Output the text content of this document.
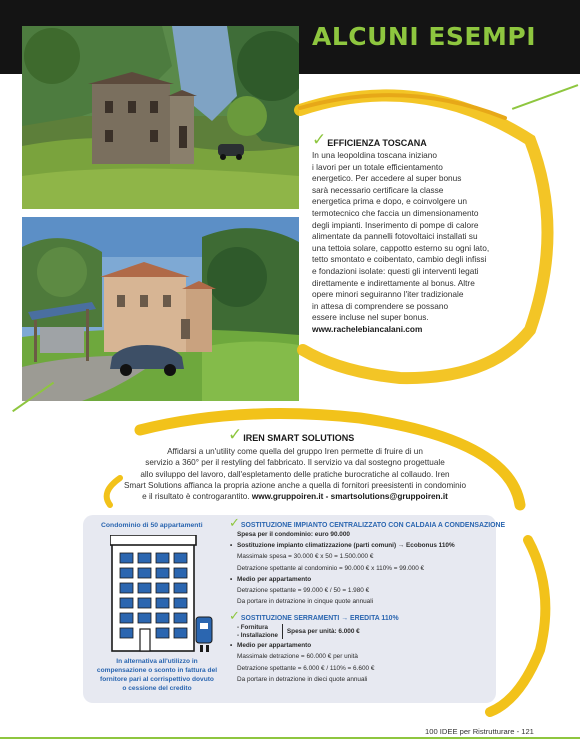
ALCUNI ESEMPI
✓ EFFICIENZA TOSCANA
In una leopoldina toscana iniziano
i lavori per un totale efficientamento
energetico. Per accedere al super bonus
sarà necessario certificare la classe
energetica prima e dopo, e coinvolgere un
termotecnico che faccia un dimensionamento
degli impianti. Inserimento di pompe di calore
alimentate da pannelli fotovoltaici installati su
una tettoia solare, cappotto esterno su ogni lato,
tetto smontato e coibentato, cambio degli infissi
e fondazioni isolate: questi gli interventi legati
direttamente e indirettamente al bonus. Altre
opere minori seguiranno l'iter tradizionale
in attesa di comprendere se possano
essere incluse nel super bonus.
www.rachelebiancalani.com
✓ IREN SMART SOLUTIONS
Affidarsi a un'utility come quella del gruppo Iren permette di fruire di un
servizio a 360° per il restyling del fabbricato. Il servizio va dal sostegno progettuale
allo sviluppo del lavoro, dall'espletamento delle pratiche burocratiche al collaudo. Iren
Smart Solutions affianca la propria azione anche a quella di fornitori preesistenti in condominio
e il risultato è controgarantito. www.gruppoiren.it - smartsolutions@gruppoiren.it
Condominio di 50 appartamenti
In alternativa all'utilizzo in
compensazione o sconto in fattura del
fornitore pari al corrispettivo dovuto
o cessione del credito
✓ SOSTITUZIONE IMPIANTO CENTRALIZZATO CON CALDAIA A CONDENSAZIONE
Spesa per il condominio: euro 90.000
• Sostituzione impianto climatizzazione (parti comuni) → Ecobonus 110%
Massimale spesa = 30.000 € x 50 = 1.500.000 €
Detrazione spettante al condominio = 90.000 € x 110% = 99.000 €
• Medio per appartamento
Detrazione spettante = 99.000 € / 50 = 1.980 €
Da portare in detrazione in cinque quote annuali
✓ SOSTITUZIONE SERRAMENTI → EREDITA 110%
- Fornitura
- Installazione	Spesa per unità: 6.000 €
• Medio per appartamento
Massimale detrazione = 60.000 € per unità
Detrazione spettante = 6.000 € / 110% = 6.600 €
Da portare in detrazione in dieci quote annuali
100 IDEE per Ristrutturare - 121
